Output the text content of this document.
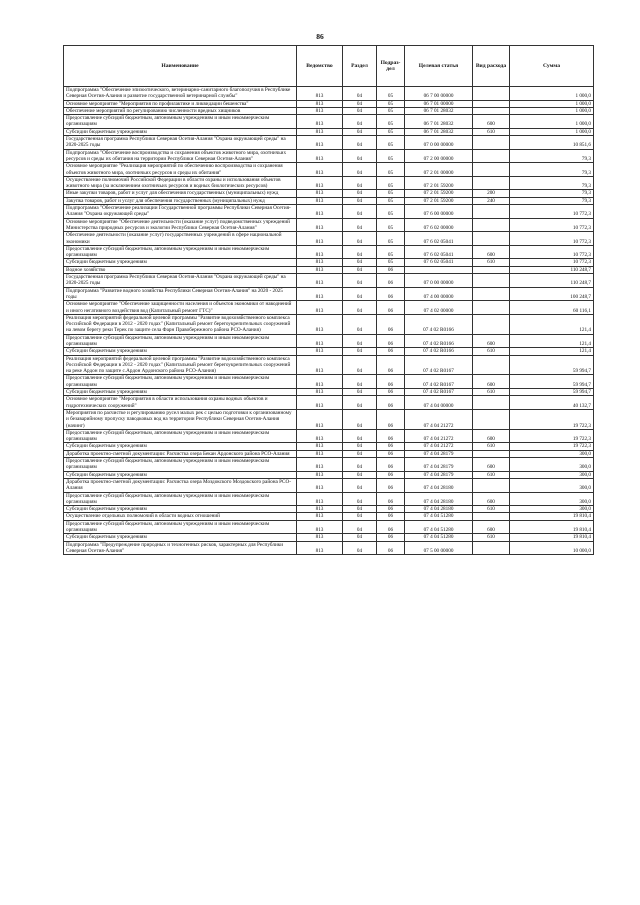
86
Наименование	Ведомство	Раздел	Подраз-дел	Целевая статья	Вид расхода	Сумма
Подпрограмма "Обеспечение эпизоотического, ветеринарно-санитарного благополучия в Республике Северная Осетия-Алания и развитие государственной ветеринарной службы"	813	04	05	06 7 00 00000		1 000,0
Основное мероприятие "Мероприятия по профилактике и ликвидации бешенства"	813	04	05	06 7 01 00000		1 000,0
Обеспечение мероприятий по регулированию численности вредных хищников	813	04	05	06 7 01 28032		1 000,0
Предоставление субсидий бюджетным, автономным учреждениям и иным некоммерческим организациям	813	04	05	06 7 01 28032	600	1 000,0
Субсидии бюджетным учреждениям	813	04	05	06 7 01 28032	610	1 000,0
Государственная программа Республики Северная Осетия-Алания "Охрана окружающей среды" на 2020-2025 годы	813	04	05	07 0 00 00000		10 851,6
Подпрограмма "Обеспечение воспроизводства и сохранения объектов животного мира, охотничьих ресурсов и среды их обитания на территории Республики Северная Осетия-Алания"	813	04	05	07 2 00 00000		79,3
Основное мероприятие "Реализация мероприятий по обеспечению воспроизводства и сохранения объектов животного мира, охотничьих ресурсов и среды их обитания"	813	04	05	07 2 01 00000		79,3
Осуществление полномочий Российской Федерации в области охраны и использования объектов животного мира (за исключением охотничьих ресурсов и водных биологических ресурсов)	813	04	05	07 2 01 59200		79,3
Иные закупки товаров, работ и услуг для обеспечения государственных (муниципальных) нужд	813	04	05	07 2 01 59200	200	79,3
Закупка товаров, работ и услуг для обеспечения государственных (муниципальных) нужд	813	04	05	07 2 01 59200	240	79,3
Подпрограмма "Обеспечение реализации Государственной программы Республики Северная Осетия-Алания "Охрана окружающей среды"	813	04	05	07 6 00 00000		10 772,3
Основное мероприятие "Обеспечение деятельности (оказание услуг) подведомственных учреждений Министерства природных ресурсов и экологии Республики Северная Осетия-Алания"	813	04	05	07 6 02 00000		10 772,3
Обеспечение деятельности (оказание услуг) государственных учреждений в сфере национальной экономики	813	04	05	07 6 02 05041		10 772,3
Предоставление субсидий бюджетным, автономным учреждениям и иным некоммерческим организациям	813	04	05	07 6 02 05041	600	10 772,3
Субсидии бюджетным учреждениям	813	04	05	07 6 02 05041	610	10 772,3
Водное хозяйство	813	04	06			110 248,7
Государственная программа Республики Северная Осетия-Алания "Охрана окружающей среды" на 2020-2025 годы	813	04	06	07 0 00 00000		110 248,7
Подпрограмма "Развитие водного хозяйства Республики Северная Осетия-Алания" на 2020 - 2025 годы	813	04	06	07 4 00 00000		100 248,7
Основное мероприятие "Обеспечение защищенности населения и объектов экономики от наводнений и иного негативного воздействия вод (Капитальный ремонт ГТС)"	813	04	06	07 4 02 00000		60 116,1
Реализация мероприятий федеральной целевой программы "Развитие водохозяйственного комплекса Российской Федерации в 2012 - 2020 годах" (Капитальный ремонт берегоукрепительных сооружений на левом берегу реки Терек по защите села Фарн Правобережного района РСО-Алания)	813	04	06	07 4 02 R0166		121,4
Предоставление субсидий бюджетным, автономным учреждениям и иным некоммерческим организациям	813	04	06	07 4 02 R0166	600	121,4
Субсидии бюджетным учреждениям	813	04	06	07 4 02 R0166	610	121,4
Реализация мероприятий федеральной целевой программы "Развитие водохозяйственного комплекса Российской Федерации в 2012 - 2020 годах" (Капитальный ремонт берегоукрепительных сооружений на реке Ардон по защите с.Ардон Ардонского района РСО-Алания)	813	04	06	07 4 02 R0167		59 994,7
Предоставление субсидий бюджетным, автономным учреждениям и иным некоммерческим организациям	813	04	06	07 4 02 R0167	600	59 994,7
Субсидии бюджетным учреждениям	813	04	06	07 4 02 R0167	610	59 994,7
Основное мероприятие "Мероприятия в области использования охраны водных объектов и гидротехнических сооружений"	813	04	06	07 4 04 00000		40 132,7
Мероприятия по расчистке и регулированию русел малых рек с целью подготовки к организованному и безаварийному пропуску паводковых вод на территории Республики Северная Осетия-Алания (начинг)	813	04	06	07 4 04 21272		19 722,3
Предоставление субсидий бюджетным, автономным учреждениям и иным некоммерческим организациям	813	04	06	07 4 04 21272	600	19 722,3
Субсидии бюджетным учреждениям	813	04	06	07 4 04 21272	610	19 722,3
Доработка проектно-сметной документации: Расчистка озера Бекан Ардонского района РСО-Алания	813	04	06	07 4 04 28179		300,0
Предоставление субсидий бюджетным, автономным учреждениям и иным некоммерческим организациям	813	04	06	07 4 04 28179	600	300,0
Субсидии бюджетным учреждениям	813	04	06	07 4 04 28179	610	300,0
Доработка проектно-сметной документации: Расчистка озера Моздокского Моздокского района РСО-Алания	813	04	06	07 4 04 28180		300,0
Предоставление субсидий бюджетным, автономным учреждениям и иным некоммерческим организациям	813	04	06	07 4 04 28180	600	300,0
Субсидии бюджетным учреждениям	813	04	06	07 4 04 28180	610	300,0
Осуществление отдельных полномочий в области водных отношений	813	04	06	07 4 04 51280		19 810,4
Предоставление субсидий бюджетным, автономным учреждениям и иным некоммерческим организациям	813	04	06	07 4 04 51280	600	19 810,4
Субсидии бюджетным учреждениям	813	04	06	07 4 04 51280	610	19 810,4
Подпрограмма "Предупреждение природных и техногенных рисков, характерных для Республики Северная Осетия-Алания"	813	04	06	07 5 00 00000		10 000,0
